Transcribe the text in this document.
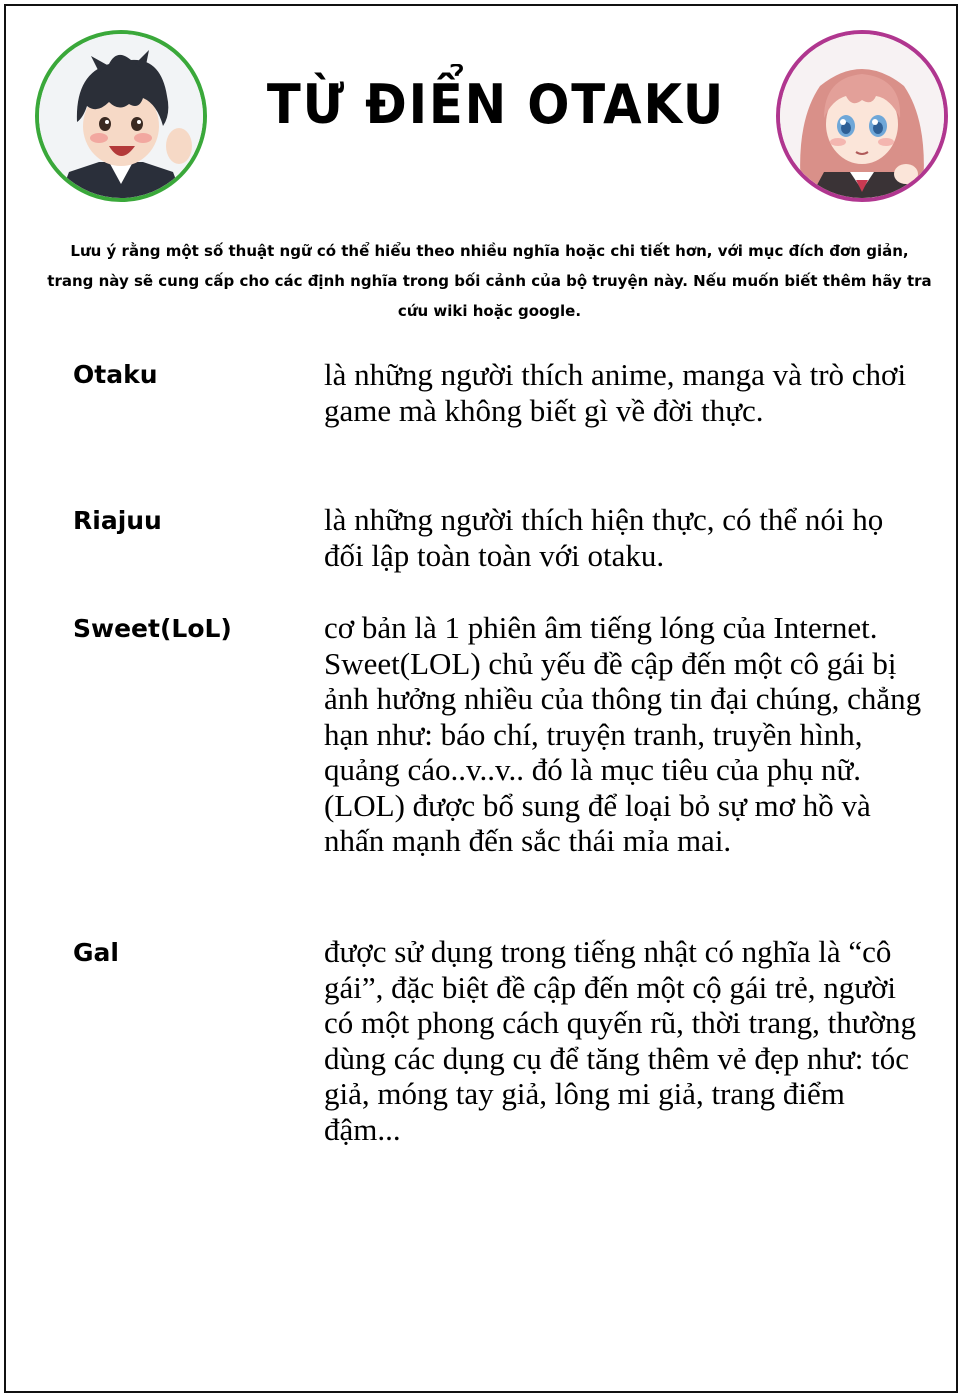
TỪ ĐIỂN OTAKU
Lưu ý rằng một số thuật ngữ có thể hiểu theo nhiều nghĩa hoặc chi tiết hơn, với mục đích đơn giản, trang này sẽ cung cấp cho các định nghĩa trong bối cảnh của bộ truyện này. Nếu muốn biết thêm hãy tra cứu wiki hoặc google.
Otaku	là những người thích anime, manga và trò chơi game mà không biết gì về đời thực.
Riajuu	là những người thích hiện thực, có thể nói họ đối lập toàn toàn với otaku.
Sweet(LoL)	cơ bản là 1 phiên âm tiếng lóng của Internet. Sweet(LOL) chủ yếu đề cập đến một cô gái bị ảnh hưởng nhiều của thông tin đại chúng, chẳng hạn như: báo chí, truyện tranh, truyền hình, quảng cáo..v..v.. đó là mục tiêu của phụ nữ. (LOL) được bổ sung để loại bỏ sự mơ hồ và nhấn mạnh đến sắc thái mỉa mai.
Gal	được sử dụng trong tiếng nhật có nghĩa là “cô gái”, đặc biệt đề cập đến một cộ gái trẻ, người có một phong cách quyến rũ, thời trang, thường dùng các dụng cụ để tăng thêm vẻ đẹp như: tóc giả, móng tay giả, lông mi giả, trang điểm đậm...
